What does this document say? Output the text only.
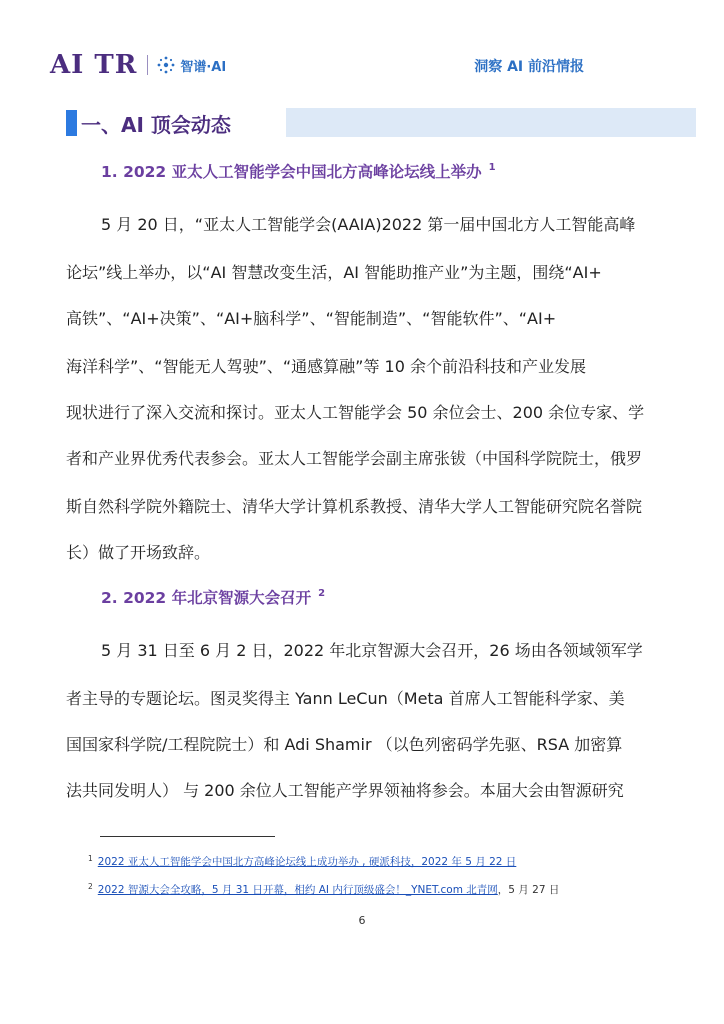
AI TR	智谱·AI	洞察 AI 前沿情报
一、AI 顶会动态
1. 2022 亚太人工智能学会中国北方高峰论坛线上举办 $^1$
5 月 20 日，“亚太人工智能学会(AAIA)2022 第一届中国北方人工智能高峰
论坛”线上举办，以“AI 智慧改变生活，AI 智能助推产业”为主题，围绕“AI+
高铁”、“AI+决策”、“AI+脑科学”、“智能制造”、“智能软件”、“AI+
海洋科学”、“智能无人驾驶”、“通感算融”等 10 余个前沿科技和产业发展
现状进行了深入交流和探讨。亚太人工智能学会 50 余位会士、200 余位专家、学
者和产业界优秀代表参会。亚太人工智能学会副主席张钹（中国科学院院士，俄罗
斯自然科学院外籍院士、清华大学计算机系教授、清华大学人工智能研究院名誉院
长）做了开场致辞。
2. 2022 年北京智源大会召开 $^2$
5 月 31 日至 6 月 2 日，2022 年北京智源大会召开，26 场由各领域领军学
者主导的专题论坛。图灵奖得主 Yann LeCun（Meta 首席人工智能科学家、美
国国家科学院/工程院院士）和 Adi Shamir （以色列密码学先驱、RSA 加密算
法共同发明人） 与 200 余位人工智能产学界领袖将参会。本届大会由智源研究
$^1$ 2022 亚太人工智能学会中国北方高峰论坛线上成功举办 , 硬派科技，2022 年 5 月 22 日
$^2$ 2022 智源大会全攻略，5 月 31 日开幕，相约 AI 内行顶级盛会！_YNET.com 北青网，5 月 27 日
6
